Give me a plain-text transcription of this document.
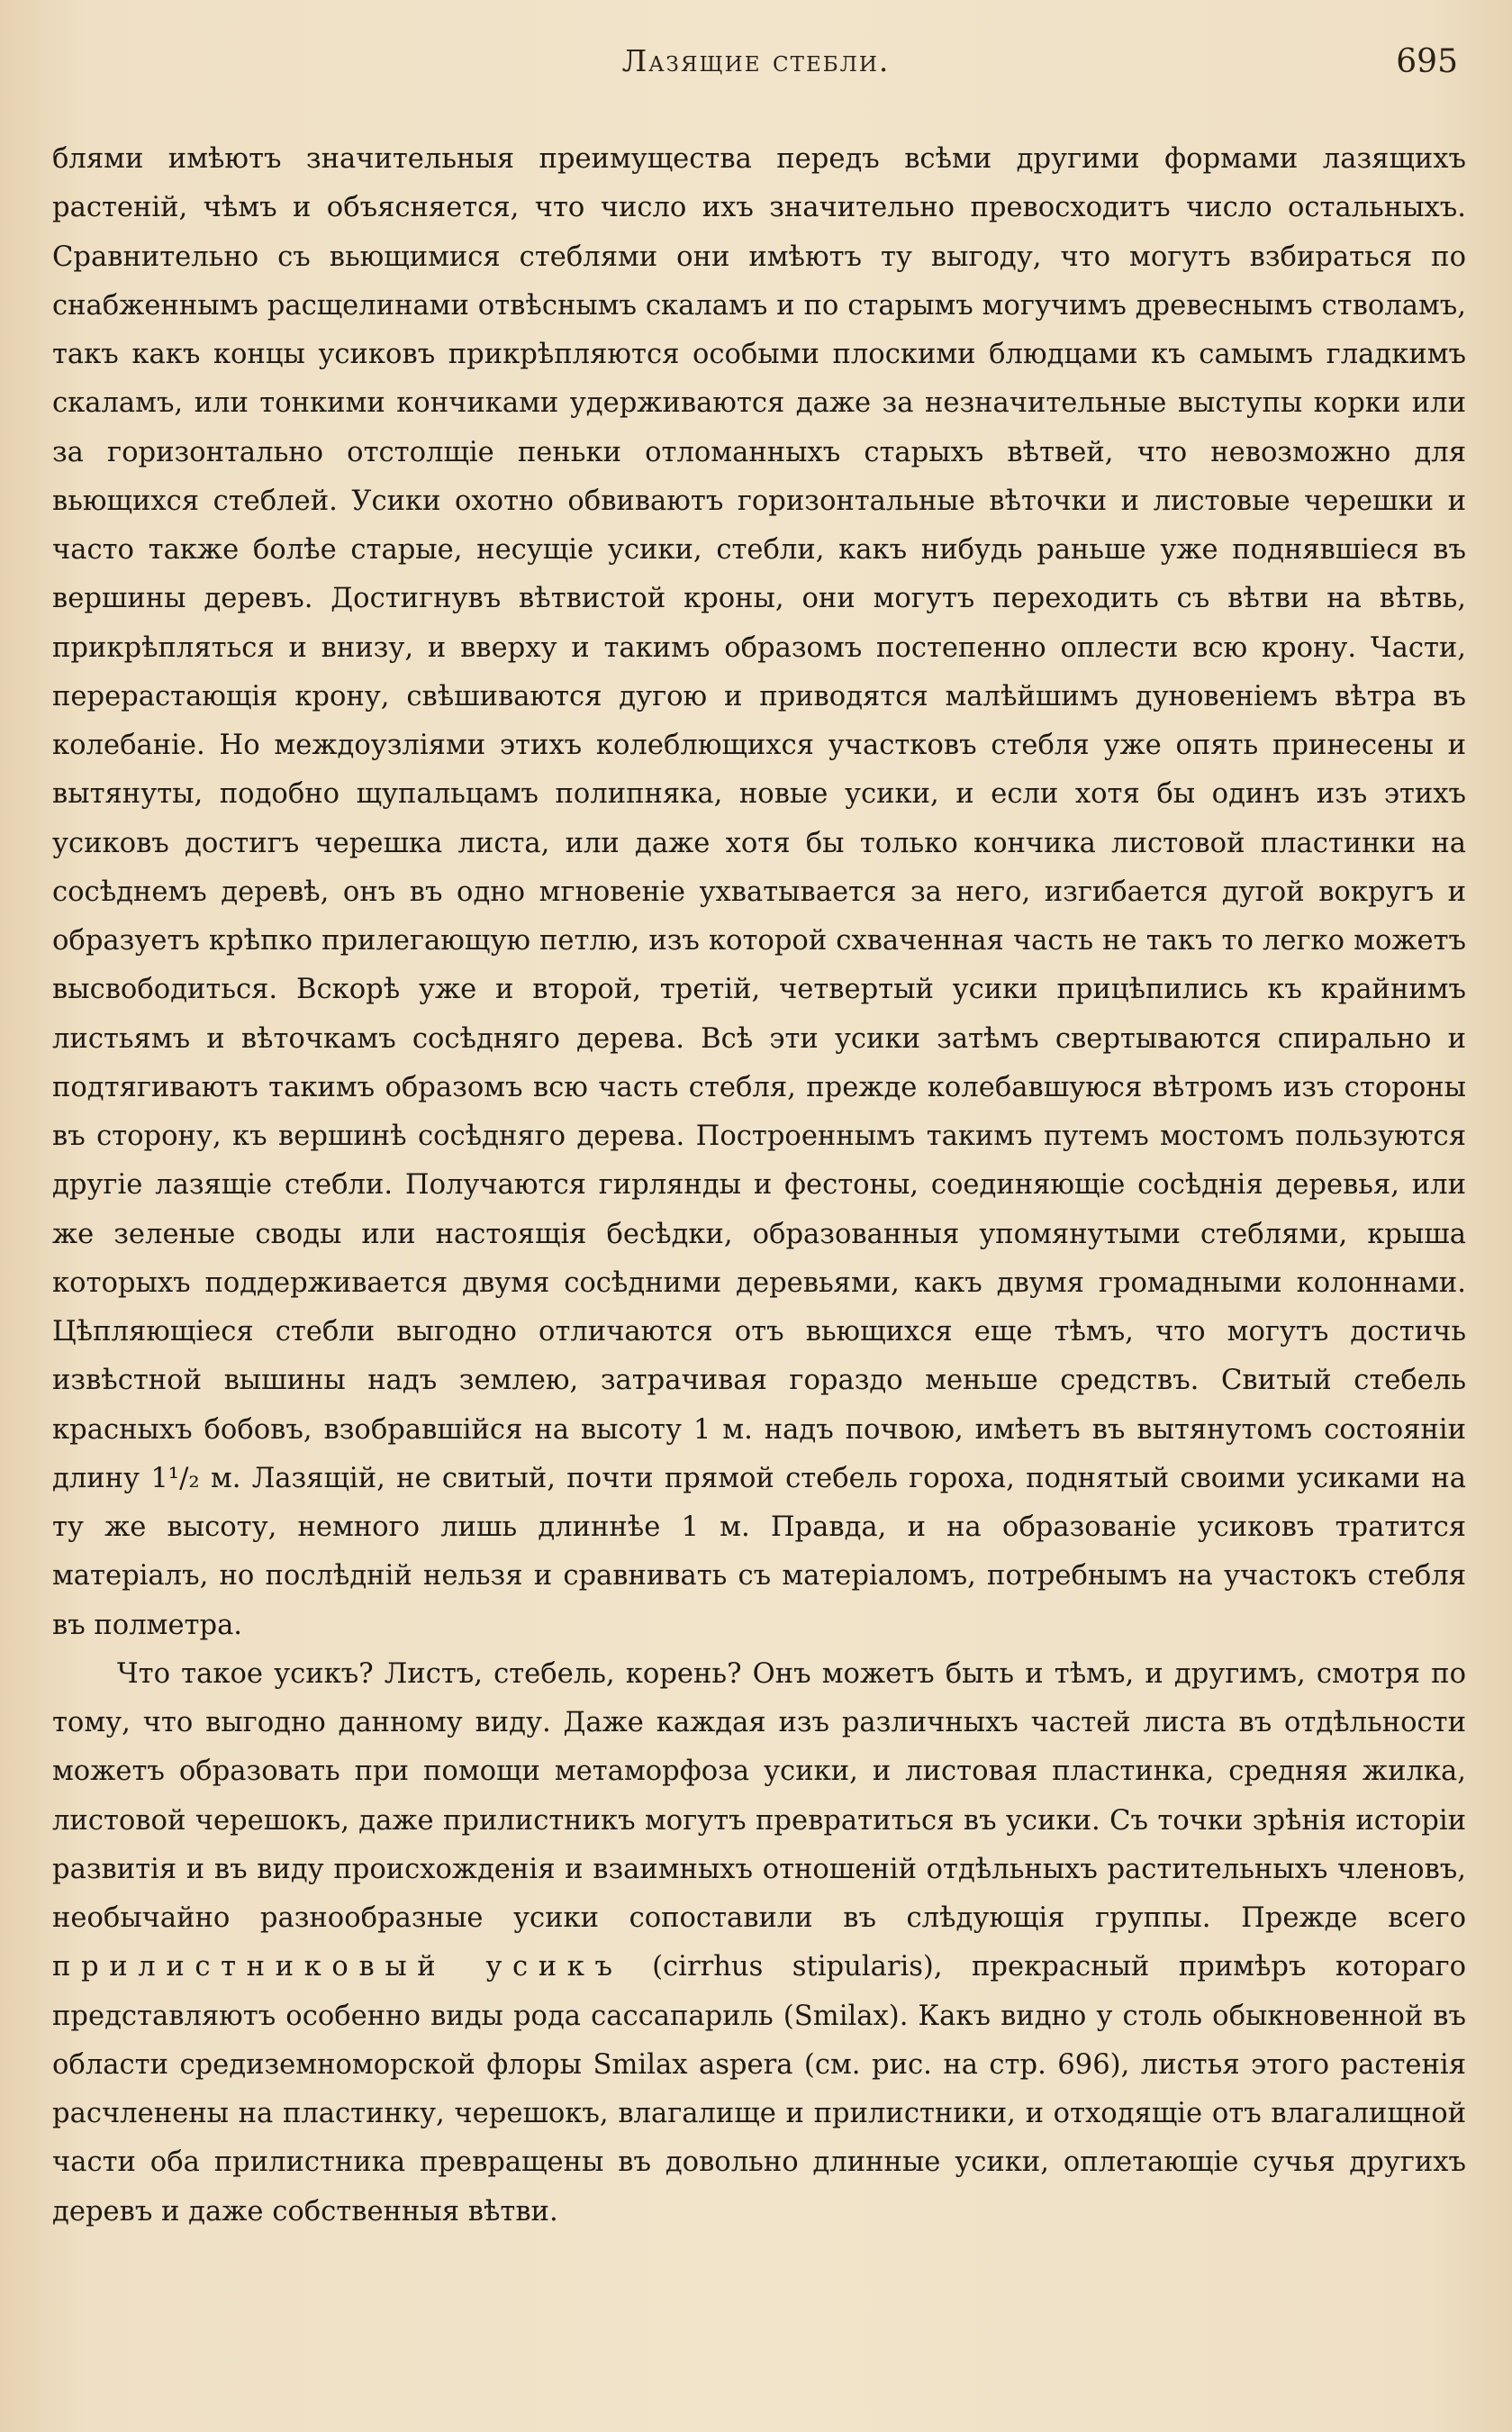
Лазящие стебли.	695

блями имѣютъ значительныя преимущества передъ всѣми другими формами лазящихъ растеній, чѣмъ и объясняется, что число ихъ значительно превосходитъ число остальныхъ. Сравнительно съ вьющимися стеблями они имѣютъ ту выгоду, что могутъ взбираться по снабженнымъ расщелинами отвѣснымъ скаламъ и по старымъ могучимъ древеснымъ стволамъ, такъ какъ концы усиковъ прикрѣпляются особыми плоскими блюдцами къ самымъ гладкимъ скаламъ, или тонкими кончиками удерживаются даже за незначительные выступы корки или за горизонтально отстолщіе пеньки отломанныхъ старыхъ вѣтвей, что невозможно для вьющихся стеблей. Усики охотно обвиваютъ горизонтальные вѣточки и листовые черешки и часто также болѣе старые, несущіе усики, стебли, какъ нибудь раньше уже поднявшіеся въ вершины деревъ. Достигнувъ вѣтвистой кроны, они могутъ переходить съ вѣтви на вѣтвь, прикрѣпляться и внизу, и вверху и такимъ образомъ постепенно оплести всю крону. Части, перерастающія крону, свѣшиваются дугою и приводятся малѣйшимъ дуновеніемъ вѣтра въ колебаніе. Но междоузліями этихъ колеблющихся участковъ стебля уже опять принесены и вытянуты, подобно щупальцамъ полипняка, новые усики, и если хотя бы одинъ изъ этихъ усиковъ достигъ черешка листа, или даже хотя бы только кончика листовой пластинки на сосѣднемъ деревѣ, онъ въ одно мгновеніе ухватывается за него, изгибается дугой вокругъ и образуетъ крѣпко прилегающую петлю, изъ которой схваченная часть не такъ то легко можетъ высвободиться. Вскорѣ уже и второй, третій, четвертый усики прицѣпились къ крайнимъ листьямъ и вѣточкамъ сосѣдняго дерева. Всѣ эти усики затѣмъ свертываются спирально и подтягиваютъ такимъ образомъ всю часть стебля, прежде колебавшуюся вѣтромъ изъ стороны въ сторону, къ вершинѣ сосѣдняго дерева. Построеннымъ такимъ путемъ мостомъ пользуются другіе лазящіе стебли. Получаются гирлянды и фестоны, соединяющіе сосѣднія деревья, или же зеленые своды или настоящія бесѣдки, образованныя упомянутыми стеблями, крыша которыхъ поддерживается двумя сосѣдними деревьями, какъ двумя громадными колоннами. Цѣпляющіеся стебли выгодно отличаются отъ вьющихся еще тѣмъ, что могутъ достичь извѣстной вышины надъ землею, затрачивая гораздо меньше средствъ. Свитый стебель красныхъ бобовъ, взобравшійся на высоту 1 м. надъ почвою, имѣетъ въ вытянутомъ состояніи длину 1¹/₂ м. Лазящій, не свитый, почти прямой стебель гороха, поднятый своими усиками на ту же высоту, немного лишь длиннѣе 1 м. Правда, и на образованіе усиковъ тратится матеріалъ, но послѣдній нельзя и сравнивать съ матеріаломъ, потребнымъ на участокъ стебля въ полметра.

Что такое усикъ? Листъ, стебель, корень? Онъ можетъ быть и тѣмъ, и другимъ, смотря по тому, что выгодно данному виду. Даже каждая изъ различныхъ частей листа въ отдѣльности можетъ образовать при помощи метаморфоза усики, и листовая пластинка, средняя жилка, листовой черешокъ, даже прилистникъ могутъ превратиться въ усики. Съ точки зрѣнія исторіи развитія и въ виду происхожденія и взаимныхъ отношеній отдѣльныхъ растительныхъ членовъ, необычайно разнообразные усики сопоставили въ слѣдующія группы. Прежде всего прилистниковый усикъ (cirrhus stipularis), прекрасный примѣръ котораго представляютъ особенно виды рода сассапариль (Smilax). Какъ видно у столь обыкновенной въ области средиземноморской флоры Smilax aspera (см. рис. на стр. 696), листья этого растенія расчленены на пластинку, черешокъ, влагалище и прилистники, и отходящіе отъ влагалищной части оба прилистника превращены въ довольно длинные усики, оплетающіе сучья другихъ деревъ и даже собственныя вѣтви.
